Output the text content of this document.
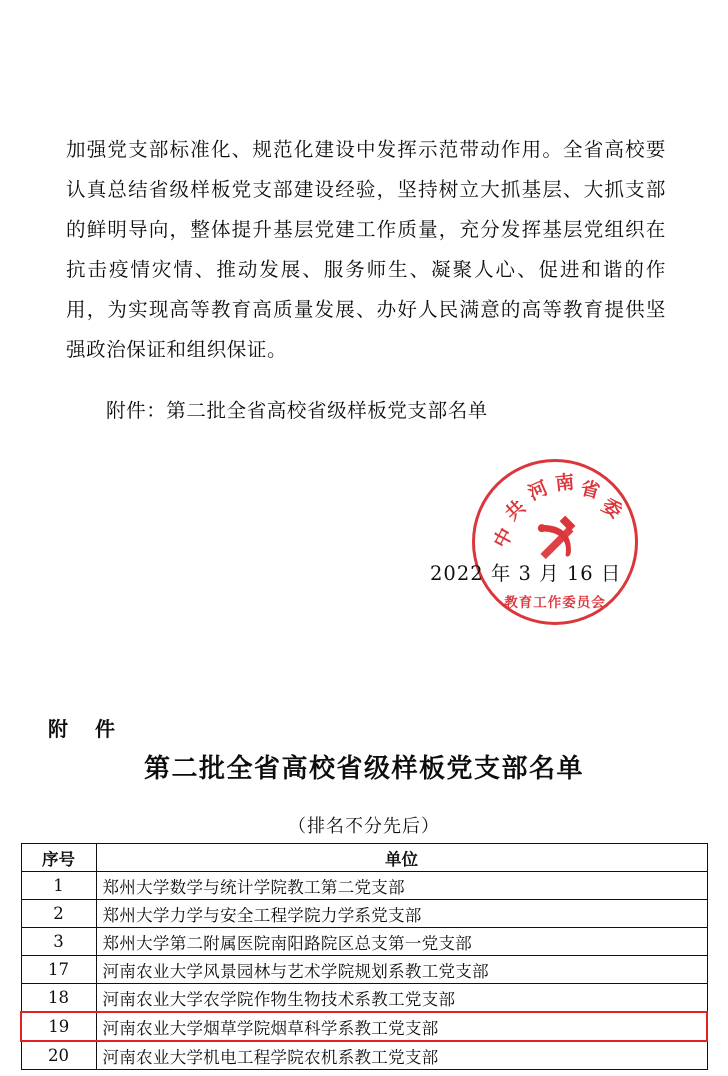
加强党支部标准化、规范化建设中发挥示范带动作用。全省高校要认真总结省级样板党支部建设经验，坚持树立大抓基层、大抓支部的鲜明导向，整体提升基层党建工作质量，充分发挥基层党组织在抗击疫情灾情、推动发展、服务师生、凝聚人心、促进和谐的作用，为实现高等教育高质量发展、办好人民满意的高等教育提供坚强政治保证和组织保证。

附件：第二批全省高校省级样板党支部名单
中
共
河 南 省
委
教育工作委员会
2022 年 3 月 16 日
附 件
第二批全省高校省级样板党支部名单
（排名不分先后）
序号	单位
1	郑州大学数学与统计学院教工第二党支部
2	郑州大学力学与安全工程学院力学系党支部
3	郑州大学第二附属医院南阳路院区总支第一党支部
17	河南农业大学风景园林与艺术学院规划系教工党支部
18	河南农业大学农学院作物生物技术系教工党支部
19	河南农业大学烟草学院烟草科学系教工党支部
20	河南农业大学机电工程学院农机系教工党支部
